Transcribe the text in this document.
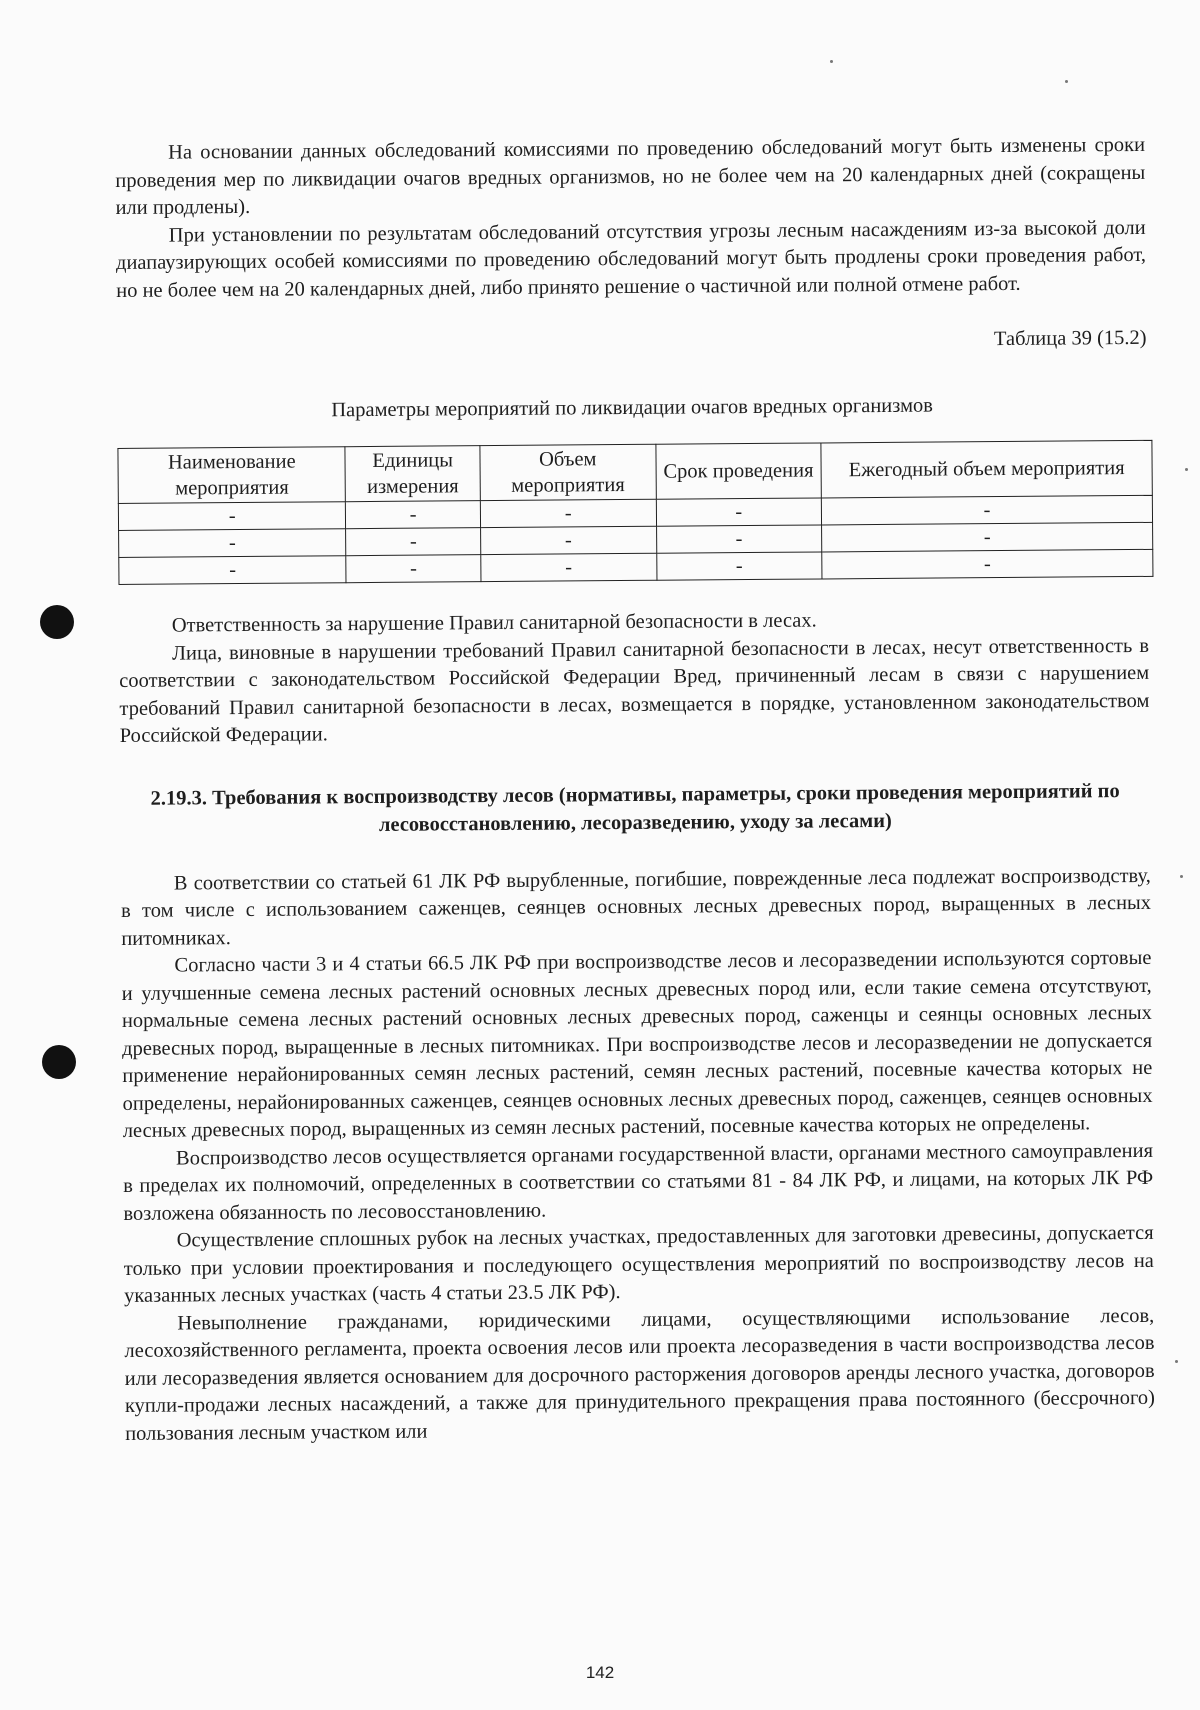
На основании данных обследований комиссиями по проведению обследований могут быть изменены сроки проведения мер по ликвидации очагов вредных организмов, но не более чем на 20 календарных дней (сокращены или продлены).

При установлении по результатам обследований отсутствия угрозы лесным насаждениям из-за высокой доли диапаузирующих особей комиссиями по проведению обследований могут быть продлены сроки проведения работ, но не более чем на 20 календарных дней, либо принято решение о частичной или полной отмене работ.

Таблица 39 (15.2)

Параметры мероприятий по ликвидации очагов вредных организмов

Наименование мероприятия	Единицы измерения	Объем мероприятия	Срок проведения	Ежегодный объем мероприятия
-	-	-	-	-
-	-	-	-	-
-	-	-	-	-

Ответственность за нарушение Правил санитарной безопасности в лесах.

Лица, виновные в нарушении требований Правил санитарной безопасности в лесах, несут ответственность в соответствии с законодательством Российской Федерации Вред, причиненный лесам в связи с нарушением требований Правил санитарной безопасности в лесах, возмещается в порядке, установленном законодательством Российской Федерации.

2.19.3. Требования к воспроизводству лесов (нормативы, параметры, сроки проведения мероприятий по лесовосстановлению, лесоразведению, уходу за лесами)

В соответствии со статьей 61 ЛК РФ вырубленные, погибшие, поврежденные леса подлежат воспроизводству, в том числе с использованием саженцев, сеянцев основных лесных древесных пород, выращенных в лесных питомниках.

Согласно части 3 и 4 статьи 66.5 ЛК РФ при воспроизводстве лесов и лесоразведении используются сортовые и улучшенные семена лесных растений основных лесных древесных пород или, если такие семена отсутствуют, нормальные семена лесных растений основных лесных древесных пород, саженцы и сеянцы основных лесных древесных пород, выращенные в лесных питомниках. При воспроизводстве лесов и лесоразведении не допускается применение нерайонированных семян лесных растений, семян лесных растений, посевные качества которых не определены, нерайонированных саженцев, сеянцев основных лесных древесных пород, саженцев, сеянцев основных лесных древесных пород, выращенных из семян лесных растений, посевные качества которых не определены.

Воспроизводство лесов осуществляется органами государственной власти, органами местного самоуправления в пределах их полномочий, определенных в соответствии со статьями 81 - 84 ЛК РФ, и лицами, на которых ЛК РФ возложена обязанность по лесовосстановлению.

Осуществление сплошных рубок на лесных участках, предоставленных для заготовки древесины, допускается только при условии проектирования и последующего осуществления мероприятий по воспроизводству лесов на указанных лесных участках (часть 4 статьи 23.5 ЛК РФ).

Невыполнение гражданами, юридическими лицами, осуществляющими использование лесов, лесохозяйственного регламента, проекта освоения лесов или проекта лесоразведения в части воспроизводства лесов или лесоразведения является основанием для досрочного расторжения договоров аренды лесного участка, договоров купли-продажи лесных насаждений, а также для принудительного прекращения права постоянного (бессрочного) пользования лесным участком или

142
